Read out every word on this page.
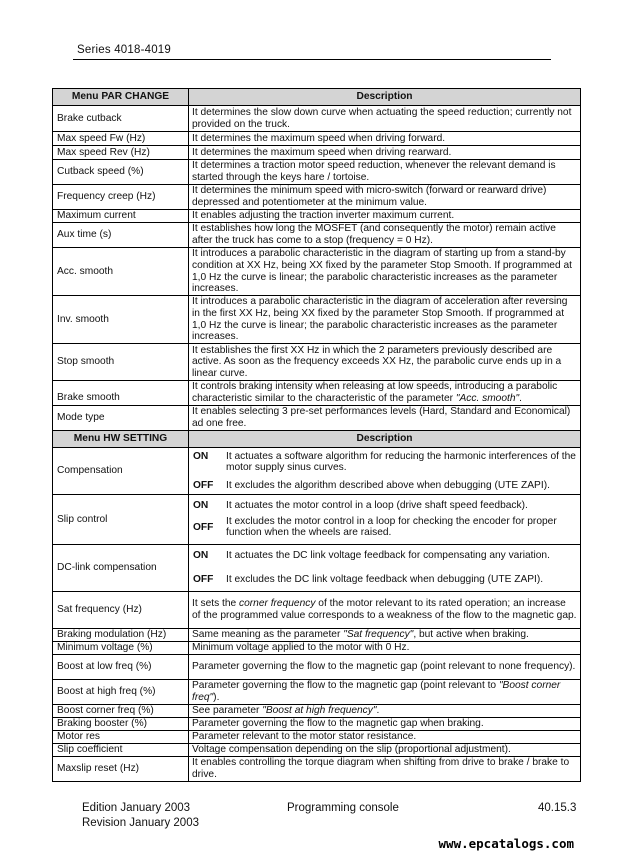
Series 4018-4019
Menu PAR CHANGE	Description
Brake cutback	It determines the slow down curve when actuating the speed reduction; currently not provided on the truck.
Max speed Fw (Hz)	It determines the maximum speed when driving forward.
Max speed Rev (Hz)	It determines the maximum speed when driving rearward.
Cutback speed (%)	It determines a traction motor speed reduction, whenever the relevant demand is started through the keys hare / tortoise.
Frequency creep (Hz)	It determines the minimum speed with micro-switch (forward or rearward drive) depressed and potentiometer at the minimum value.
Maximum current	It enables adjusting the traction inverter maximum current.
Aux time (s)	It establishes how long the MOSFET (and consequently the motor) remain active after the truck has come to a stop (frequency = 0 Hz).
Acc. smooth	It introduces a parabolic characteristic in the diagram of starting up from a stand-by condition at XX Hz, being XX fixed by the parameter Stop Smooth. If programmed at 1,0 Hz the curve is linear; the parabolic characteristic increases as the parameter increases.
Inv. smooth	It introduces a parabolic characteristic in the diagram of acceleration after reversing in the first XX Hz, being XX fixed by the parameter Stop Smooth. If programmed at 1,0 Hz the curve is linear; the parabolic characteristic increases as the parameter increases.
Stop smooth	It establishes the first XX Hz in which the 2 parameters previously described are active. As soon as the frequency exceeds XX Hz, the parabolic curve ends up in a linear curve.
Brake smooth	It controls braking intensity when releasing at low speeds, introducing a parabolic characteristic similar to the characteristic of the parameter "Acc. smooth".
Mode type	It enables selecting 3 pre-set performances levels (Hard, Standard and Economical) ad one free.
Menu HW SETTING	Description
Compensation	ON It actuates a software algorithm for reducing the harmonic interferences of the motor supply sinus curves.
OFF It excludes the algorithm described above when debugging (UTE ZAPI).

Slip control	ON It actuates the motor control in a loop (drive shaft speed feedback).
OFF
It excludes the motor control in a loop for checking the encoder for proper function when the wheels are raised.

DC-link compensation	ON It actuates the DC link voltage feedback for compensating any variation.
OFF It excludes the DC link voltage feedback when debugging (UTE ZAPI).

Sat frequency (Hz)	It sets the corner frequency of the motor relevant to its rated operation; an increase of the programmed value corresponds to a weakness of the flow to the magnetic gap.
Braking modulation (Hz)	Same meaning as the parameter "Sat frequency", but active when braking.
Minimum voltage (%)	Minimum voltage applied to the motor with 0 Hz.
Boost at low freq (%)	Parameter governing the flow to the magnetic gap (point relevant to none frequency).
Boost at high freq (%)	Parameter governing the flow to the magnetic gap (point relevant to "Boost corner freq").
Boost corner freq (%)	See parameter "Boost at high frequency".
Braking booster (%)	Parameter governing the flow to the magnetic gap when braking.
Motor res	Parameter relevant to the motor stator resistance.
Slip coefficient	Voltage compensation depending on the slip (proportional adjustment).
Maxslip reset (Hz)	It enables controlling the torque diagram when shifting from drive to brake / brake to drive.
Edition January 2003
Revision January 2003
Programming console	40.15.3
www.epcatalogs.com
